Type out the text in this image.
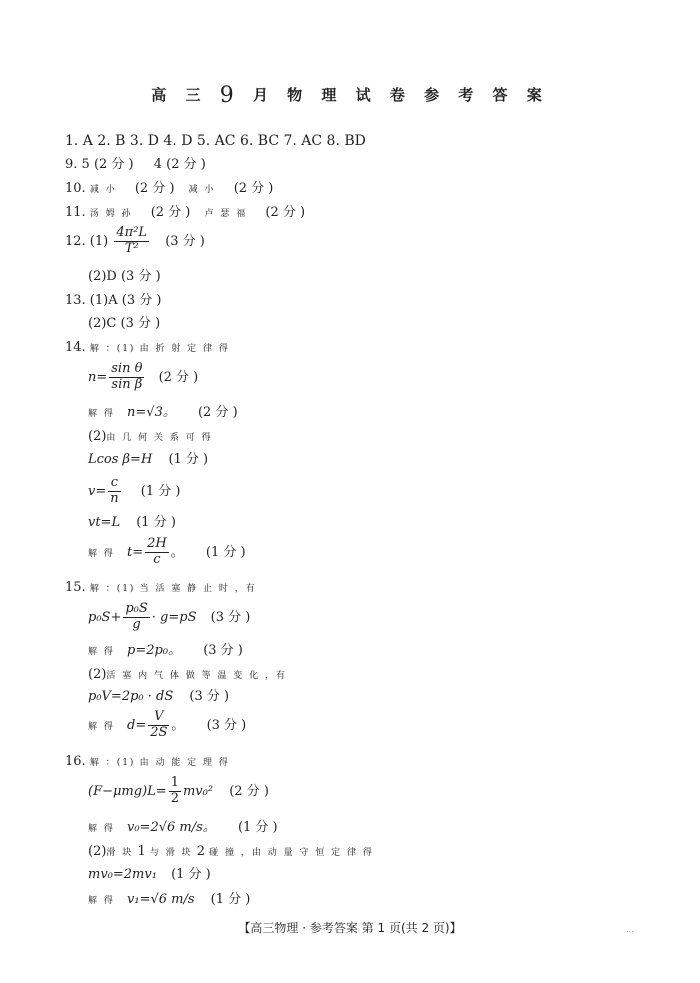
高 三 9 月 物 理 试 卷 参 考 答 案
1. A 2. B 3. D 4. D 5. AC 6. BC 7. AC 8. BD
9. 5 (2 分 ) 4 (2 分 )
10. 减 小 (2 分 ) 减 小 (2 分 )
11. 汤 姆 孙 (2 分 ) 卢 瑟 福 (2 分 )
12. $(1) \frac{\text{4π²L}}{\text{T²}} (3$ 分 )
(2)D (3 分 )
13. (1)A (3 分 )
(2)C (3 分 )
14. 解 ：(1) 由 折 射 定 律 得
$n= \frac{\text{sin θ}}{\text{sin β}} (2$ 分 )
解 得 n=√3。 (2 分 )
(2)由 几 何 关 系 可 得
Lcos β=H (1 分 )
$v= \frac{c}{n} (1$ 分 )
vt=L (1 分 )
解 得 $t= \frac{2H}{c}$ 。 (1 分 )
15. 解 ：(1) 当 活 塞 静 止 时 ，有
$p_0S+ \frac{\text{p₀S}}{g} \cdot g=pS$ (3 分 )
解 得 p=2p₀。 (3 分 )
(2)活 塞 内 气 体 做 等 温 变 化 ，有
p₀V=2p₀ · dS (3 分 )
解 得 $d= \frac{V}{2S}$ 。 (3 分 )
16. 解 ：(1) 由 动 能 定 理 得
$(F-\mu mg)L= \frac{1}{2} mv_0^2$ (2 分 )
解 得 v₀=2√6 m/s。 (1 分 )
(2)滑 块 1 与 滑 块 2 碰 撞 ，由 动 量 守 恒 定 律 得
mv₀=2mv₁ (1 分 )
解 得 v₁=√6 m/s (1 分 )
【高三物理 · 参考答案 第 1 页(共 2 页)】	...
